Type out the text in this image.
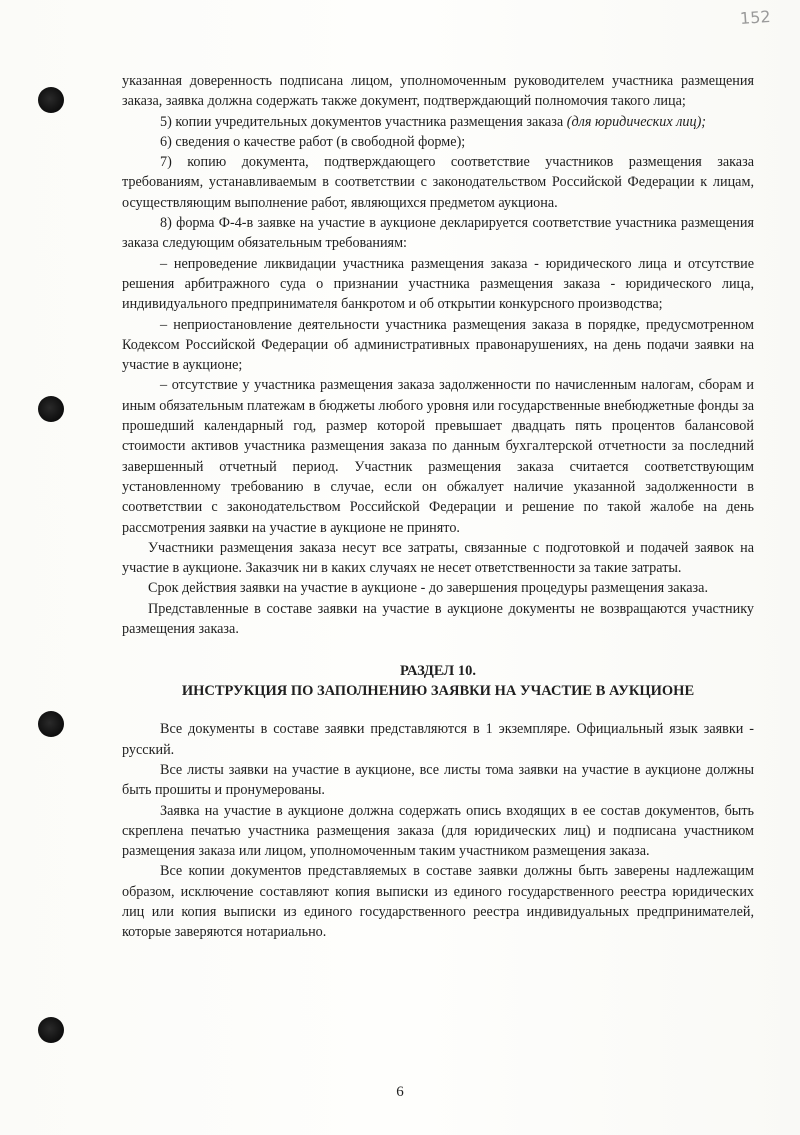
152

указанная доверенность подписана лицом, уполномоченным руководителем участника размещения заказа, заявка должна содержать также документ, подтверждающий полномочия такого лица;

5) копии учредительных документов участника размещения заказа (для юридических лиц);

6) сведения о качестве работ (в свободной форме);

7) копию документа, подтверждающего соответствие участников размещения заказа требованиям, устанавливаемым в соответствии с законодательством Российской Федерации к лицам, осуществляющим выполнение работ, являющихся предметом аукциона.

8) форма Ф-4-в заявке на участие в аукционе декларируется соответствие участника размещения заказа следующим обязательным требованиям:

– непроведение ликвидации участника размещения заказа - юридического лица и отсутствие решения арбитражного суда о признании участника размещения заказа - юридического лица, индивидуального предпринимателя банкротом и об открытии конкурсного производства;

– неприостановление деятельности участника размещения заказа в порядке, предусмотренном Кодексом Российской Федерации об административных правонарушениях, на день подачи заявки на участие в аукционе;

– отсутствие у участника размещения заказа задолженности по начисленным налогам, сборам и иным обязательным платежам в бюджеты любого уровня или государственные внебюджетные фонды за прошедший календарный год, размер которой превышает двадцать пять процентов балансовой стоимости активов участника размещения заказа по данным бухгалтерской отчетности за последний завершенный отчетный период. Участник размещения заказа считается соответствующим установленному требованию в случае, если он обжалует наличие указанной задолженности в соответствии с законодательством Российской Федерации и решение по такой жалобе на день рассмотрения заявки на участие в аукционе не принято.

Участники размещения заказа несут все затраты, связанные с подготовкой и подачей заявок на участие в аукционе. Заказчик ни в каких случаях не несет ответственности за такие затраты.

Срок действия заявки на участие в аукционе - до завершения процедуры размещения заказа.

Представленные в составе заявки на участие в аукционе документы не возвращаются участнику размещения заказа.

РАЗДЕЛ 10.
ИНСТРУКЦИЯ ПО ЗАПОЛНЕНИЮ ЗАЯВКИ НА УЧАСТИЕ В АУКЦИОНЕ

Все документы в составе заявки представляются в 1 экземпляре. Официальный язык заявки - русский.

Все листы заявки на участие в аукционе, все листы тома заявки на участие в аукционе должны быть прошиты и пронумерованы.

Заявка на участие в аукционе должна содержать опись входящих в ее состав документов, быть скреплена печатью участника размещения заказа (для юридических лиц) и подписана участником размещения заказа или лицом, уполномоченным таким участником размещения заказа.

Все копии документов представляемых в составе заявки должны быть заверены надлежащим образом, исключение составляют копия выписки из единого государственного реестра юридических лиц или копия выписки из единого государственного реестра индивидуальных предпринимателей, которые заверяются нотариально.

6
